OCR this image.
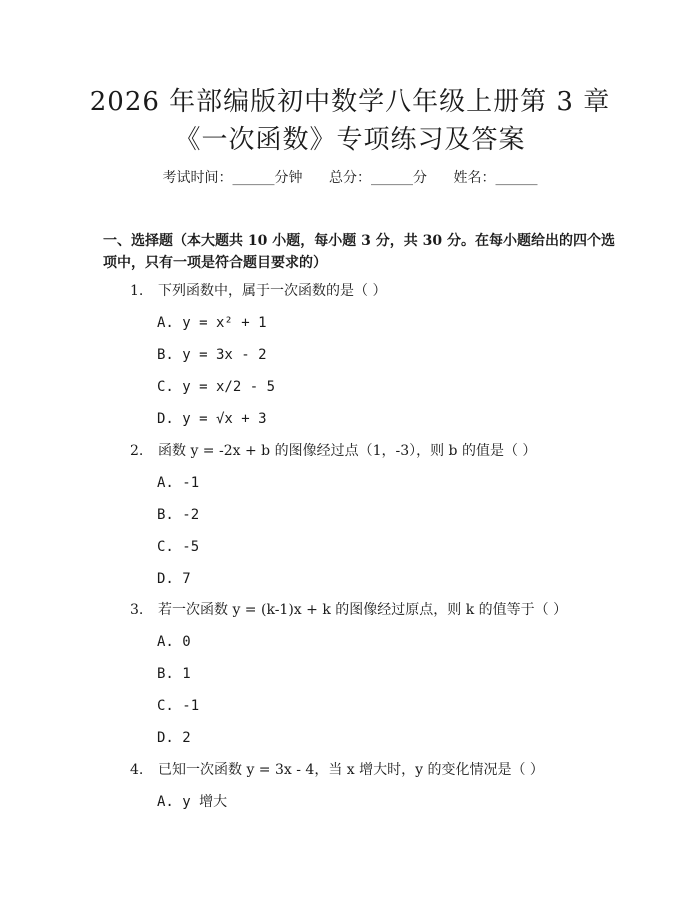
2026 年部编版初中数学八年级上册第 3 章
《一次函数》专项练习及答案
考试时间：______分钟 总分：______分 姓名：______

一、选择题（本大题共 10 小题，每小题 3 分，共 30 分。在每小题给出的四个选项中，只有一项是符合题目要求的）

1. 下列函数中，属于一次函数的是（ ）
A. y = x² + 1
B. y = 3x - 2
C. y = x/2 - 5
D. y = √x + 3
2. 函数 y = -2x + b 的图像经过点（1，-3），则 b 的值是（ ）
A. -1
B. -2
C. -5
D. 7
3. 若一次函数 y = (k-1)x + k 的图像经过原点，则 k 的值等于（ ）
A. 0
B. 1
C. -1
D. 2
4. 已知一次函数 y = 3x - 4，当 x 增大时，y 的变化情况是（ ）
A. y 增大
